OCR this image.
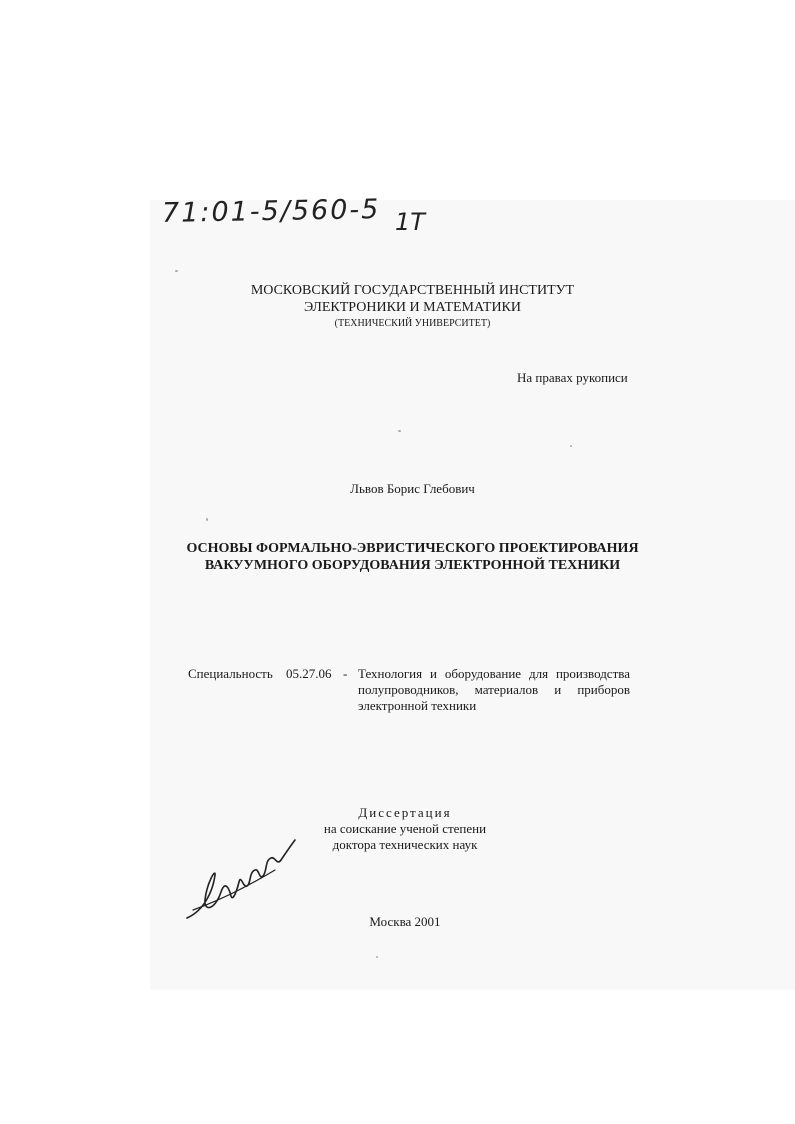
71:01-5/560-5 1Т
МОСКОВСКИЙ ГОСУДАРСТВЕННЫЙ ИНСТИТУТ
ЭЛЕКТРОНИКИ И МАТЕМАТИКИ
(ТЕХНИЧЕСКИЙ УНИВЕРСИТЕТ)
На правах рукописи
Львов Борис Глебович
ОСНОВЫ ФОРМАЛЬНО-ЭВРИСТИЧЕСКОГО ПРОЕКТИРОВАНИЯ
ВАКУУМНОГО ОБОРУДОВАНИЯ ЭЛЕКТРОННОЙ ТЕХНИКИ
Специальность 05.27.06 - Технология и оборудование для производства полупроводников, материалов и приборов электронной техники
Диссертация
на соискание ученой степени
доктора технических наук
Москва 2001
